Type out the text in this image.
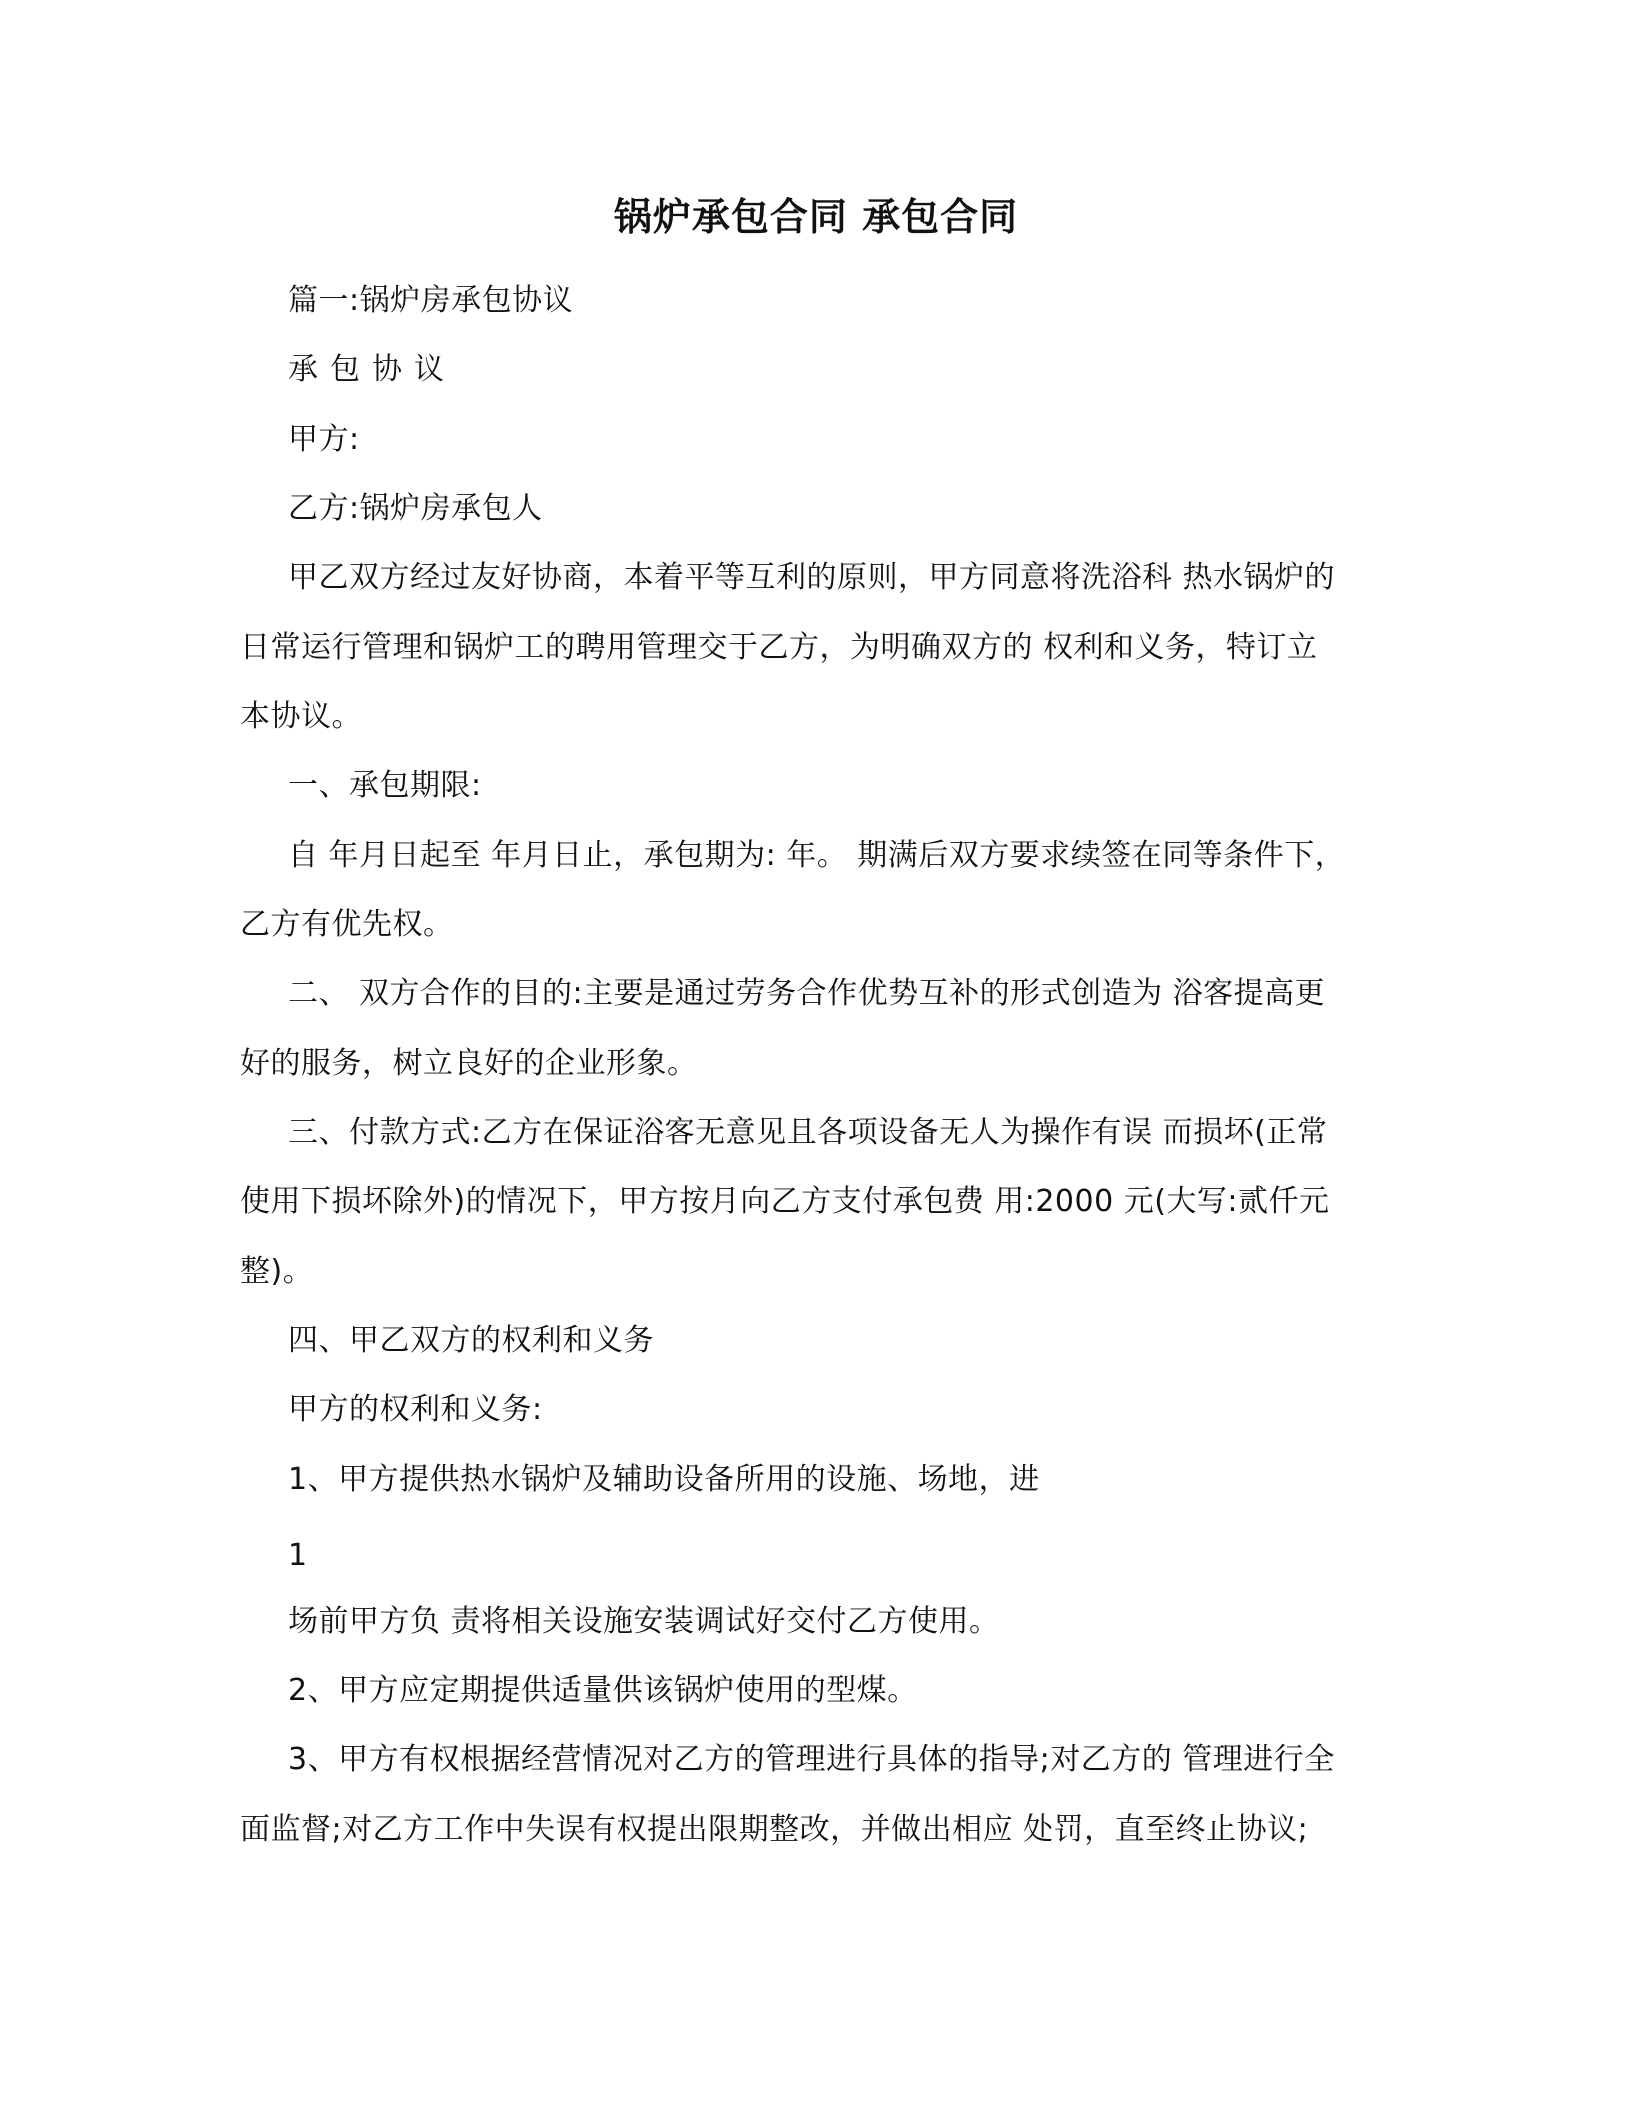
锅炉承包合同 承包合同
篇一:锅炉房承包协议
承包协议
甲方:
乙方:锅炉房承包人
甲乙双方经过友好协商，本着平等互利的原则，甲方同意将洗浴科 热水锅炉的
日常运行管理和锅炉工的聘用管理交于乙方，为明确双方的 权利和义务，特订立
本协议。
一、承包期限:
自 年月日起至 年月日止，承包期为: 年。 期满后双方要求续签在同等条件下，
乙方有优先权。
二、 双方合作的目的:主要是通过劳务合作优势互补的形式创造为 浴客提高更
好的服务，树立良好的企业形象。
三、付款方式:乙方在保证浴客无意见且各项设备无人为操作有误 而损坏(正常
使用下损坏除外)的情况下，甲方按月向乙方支付承包费 用:2000 元(大写:贰仟元
整)。
四、甲乙双方的权利和义务
甲方的权利和义务:
1、甲方提供热水锅炉及辅助设备所用的设施、场地，进
1
场前甲方负 责将相关设施安装调试好交付乙方使用。
2、甲方应定期提供适量供该锅炉使用的型煤。
3、甲方有权根据经营情况对乙方的管理进行具体的指导;对乙方的 管理进行全
面监督;对乙方工作中失误有权提出限期整改，并做出相应 处罚，直至终止协议;
